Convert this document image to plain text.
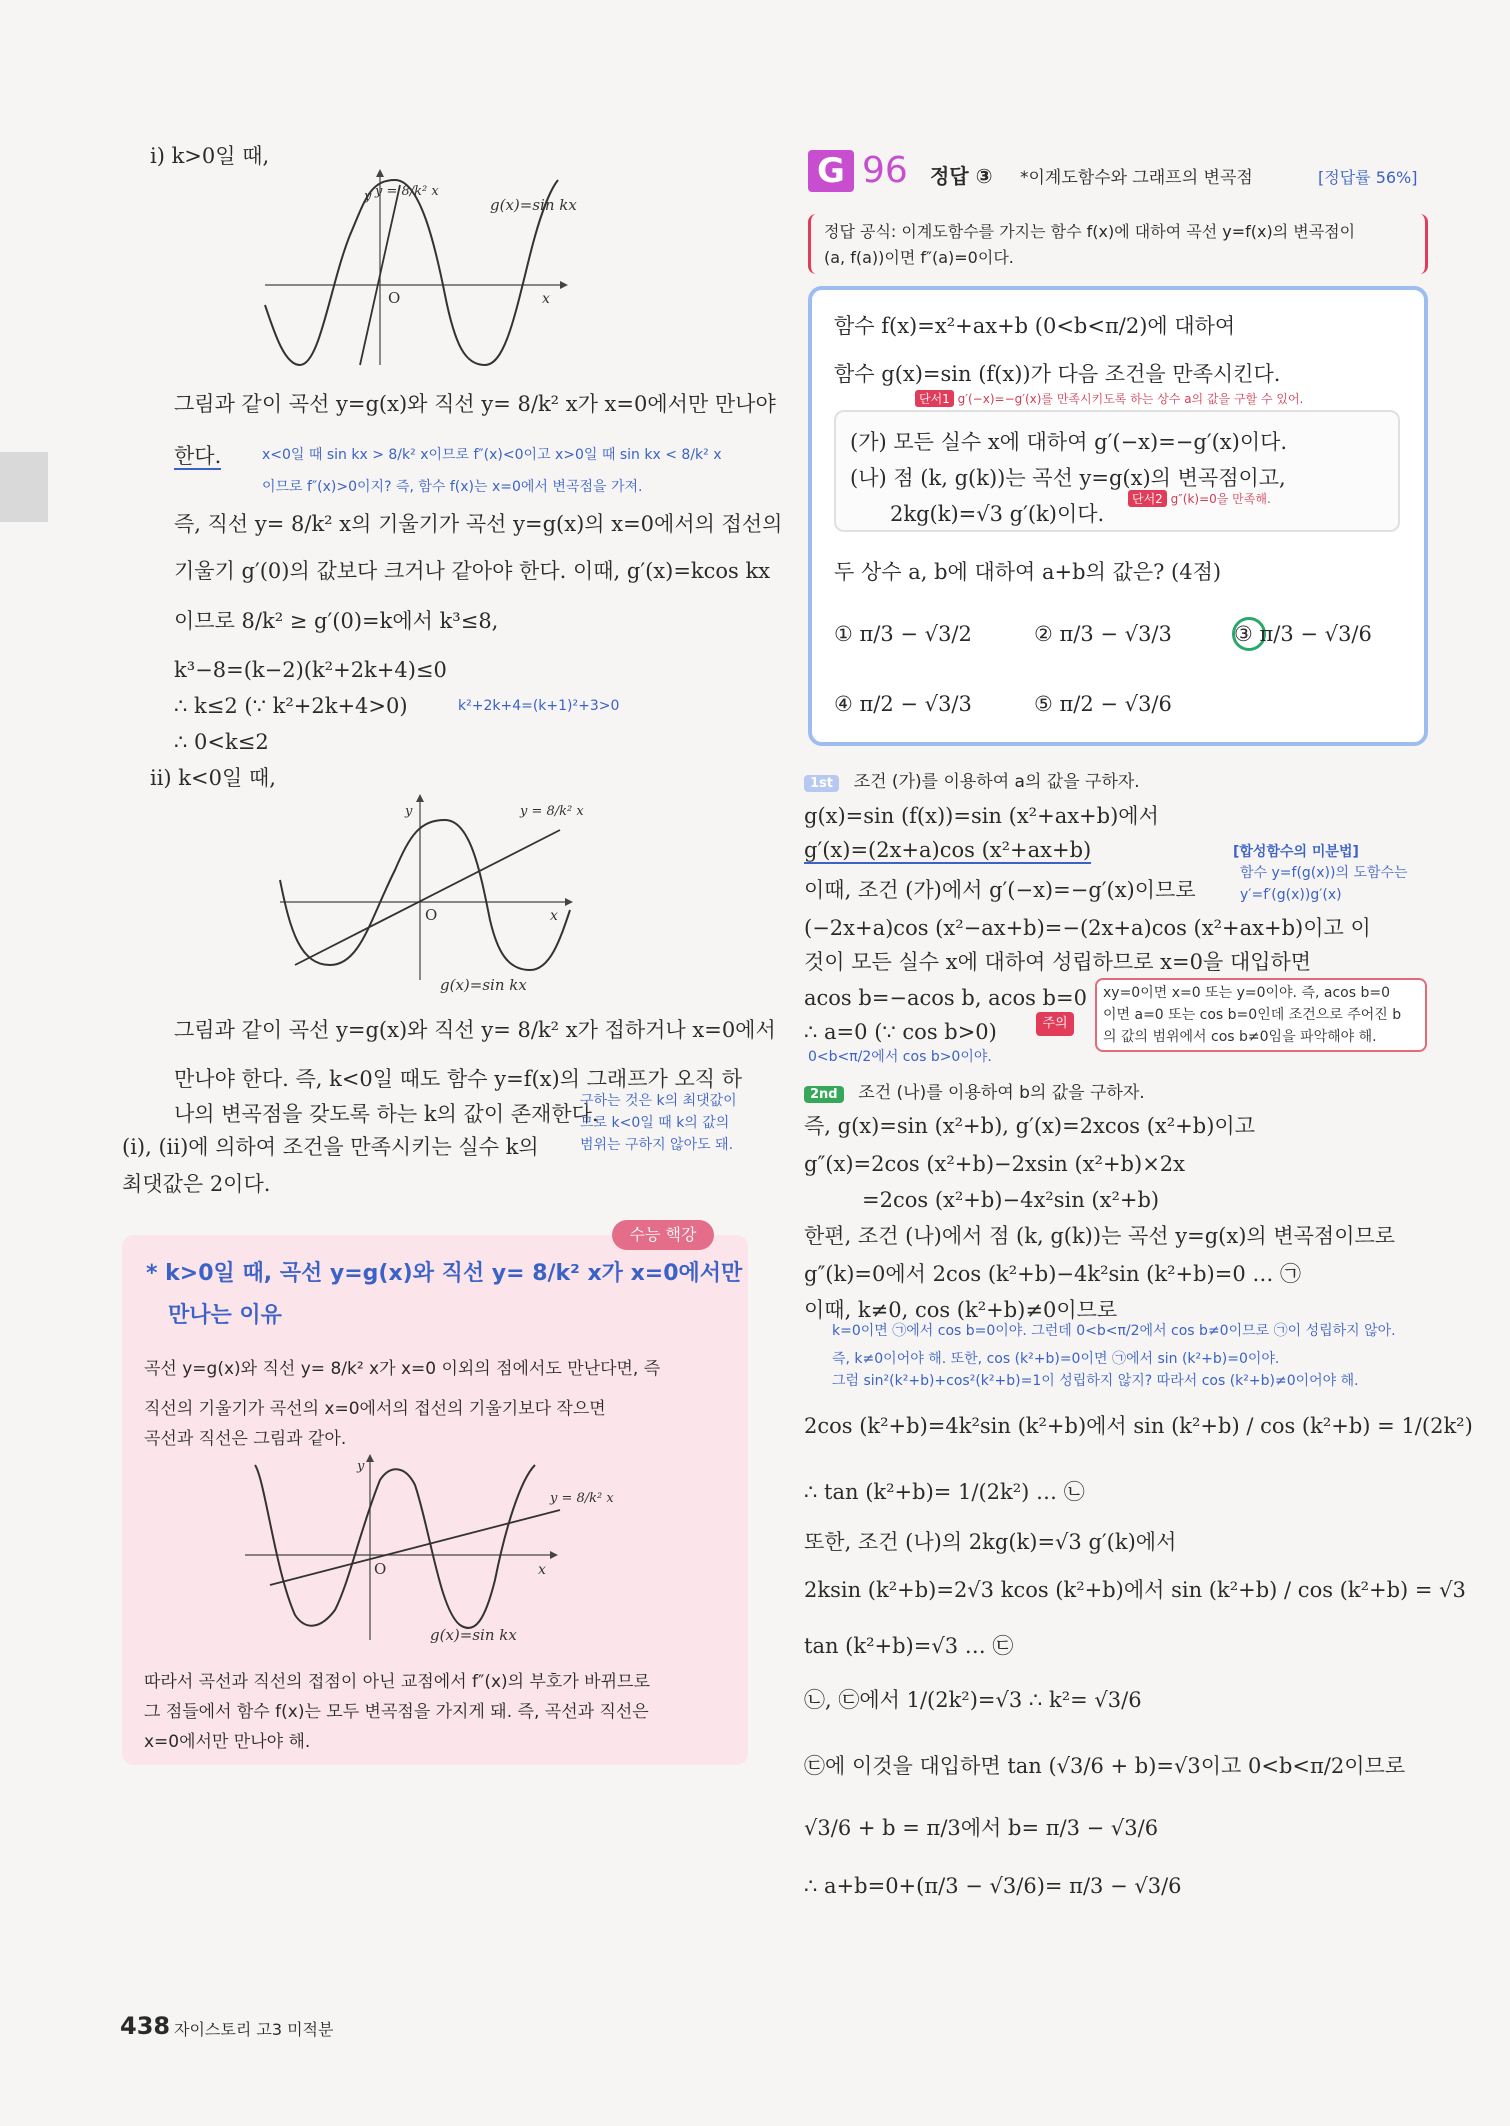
i) k>0일 때,
O
y
x
y = 8/k² x
g(x)=sin kx
그림과 같이 곡선 y=g(x)와 직선 y= 8/k² x가 x=0에서만 만나야
한다.	x<0일 때 sin kx > 8/k² x이므로 f″(x)<0이고 x>0일 때 sin kx < 8/k² x
이므로 f″(x)>0이지? 즉, 함수 f(x)는 x=0에서 변곡점을 가져.
즉, 직선 y= 8/k² x의 기울기가 곡선 y=g(x)의 x=0에서의 접선의
기울기 g′(0)의 값보다 크거나 같아야 한다. 이때, g′(x)=kcos kx
이므로 8/k² ≥ g′(0)=k에서 k³≤8,
k³−8=(k−2)(k²+2k+4)≤0
∴ k≤2 (∵ k²+2k+4>0)	k²+2k+4=(k+1)²+3>0
∴ 0<k≤2
ii) k<0일 때,
O
y
x
y = 8/k² x
g(x)=sin kx
그림과 같이 곡선 y=g(x)와 직선 y= 8/k² x가 접하거나 x=0에서
만나야 한다. 즉, k<0일 때도 함수 y=f(x)의 그래프가 오직 하
나의 변곡점을 갖도록 하는 k의 값이 존재한다.
구하는 것은 k의 최댓값이
므로 k<0일 때 k의 값의
범위는 구하지 않아도 돼.
(i), (ii)에 의하여 조건을 만족시키는 실수 k의
최댓값은 2이다.
수능 핵강
* k>0일 때, 곡선 y=g(x)와 직선 y= 8/k² x가 x=0에서만
만나는 이유
곡선 y=g(x)와 직선 y= 8/k² x가 x=0 이외의 점에서도 만난다면, 즉
직선의 기울기가 곡선의 x=0에서의 접선의 기울기보다 작으면
곡선과 직선은 그림과 같아.
O
y
x
y = 8/k² x
g(x)=sin kx
따라서 곡선과 직선의 접점이 아닌 교점에서 f″(x)의 부호가 바뀌므로
그 점들에서 함수 f(x)는 모두 변곡점을 가지게 돼. 즉, 곡선과 직선은
x=0에서만 만나야 해.
G 96 정답 ③ *이계도함수와 그래프의 변곡점	[정답률 56%]
정답 공식: 이계도함수를 가지는 함수 f(x)에 대하여 곡선 y=f(x)의 변곡점이
(a, f(a))이면 f″(a)=0이다.
함수 f(x)=x²+ax+b (0<b<π/2)에 대하여
함수 g(x)=sin (f(x))가 다음 조건을 만족시킨다.
단서1 g′(−x)=−g′(x)를 만족시키도록 하는 상수 a의 값을 구할 수 있어.
(가) 모든 실수 x에 대하여 g′(−x)=−g′(x)이다.
(나) 점 (k, g(k))는 곡선 y=g(x)의 변곡점이고,
2kg(k)=√3 g′(k)이다.
단서2 g″(k)=0을 만족해.
두 상수 a, b에 대하여 a+b의 값은? (4점)
① π/3 − √3/2	② π/3 − √3/3	③ π/3 − √3/6
④ π/2 − √3/3	⑤ π/2 − √3/6
1st 조건 (가)를 이용하여 a의 값을 구하자.
g(x)=sin (f(x))=sin (x²+ax+b)에서
g′(x)=(2x+a)cos (x²+ax+b)	[합성함수의 미분법]
함수 y=f(g(x))의 도함수는
y′=f′(g(x))g′(x)
이때, 조건 (가)에서 g′(−x)=−g′(x)이므로
(−2x+a)cos (x²−ax+b)=−(2x+a)cos (x²+ax+b)이고 이
것이 모든 실수 x에 대하여 성립하므로 x=0을 대입하면
acos b=−acos b, acos b=0
∴ a=0 (∵ cos b>0)
0<b<π/2에서 cos b>0이야.
주의
xy=0이면 x=0 또는 y=0이야. 즉, acos b=0
이면 a=0 또는 cos b=0인데 조건으로 주어진 b
의 값의 범위에서 cos b≠0임을 파악해야 해.
2nd 조건 (나)를 이용하여 b의 값을 구하자.
즉, g(x)=sin (x²+b), g′(x)=2xcos (x²+b)이고
g″(x)=2cos (x²+b)−2xsin (x²+b)×2x
=2cos (x²+b)−4x²sin (x²+b)
한편, 조건 (나)에서 점 (k, g(k))는 곡선 y=g(x)의 변곡점이므로
g″(k)=0에서 2cos (k²+b)−4k²sin (k²+b)=0 … ㉠
이때, k≠0, cos (k²+b)≠0이므로
k=0이면 ㉠에서 cos b=0이야. 그런데 0<b<π/2에서 cos b≠0이므로 ㉠이 성립하지 않아.
즉, k≠0이어야 해. 또한, cos (k²+b)=0이면 ㉠에서 sin (k²+b)=0이야.
그럼 sin²(k²+b)+cos²(k²+b)=1이 성립하지 않지? 따라서 cos (k²+b)≠0이어야 해.
2cos (k²+b)=4k²sin (k²+b)에서 sin (k²+b) / cos (k²+b) = 1/(2k²)
∴ tan (k²+b)= 1/(2k²) … ㉡
또한, 조건 (나)의 2kg(k)=√3 g′(k)에서
2ksin (k²+b)=2√3 kcos (k²+b)에서 sin (k²+b) / cos (k²+b) = √3
tan (k²+b)=√3 … ㉢
㉡, ㉢에서 1/(2k²)=√3 ∴ k²= √3/6
㉢에 이것을 대입하면 tan (√3/6 + b)=√3이고 0<b<π/2이므로
√3/6 + b = π/3에서 b= π/3 − √3/6
∴ a+b=0+(π/3 − √3/6)= π/3 − √3/6
438 자이스토리 고3 미적분
